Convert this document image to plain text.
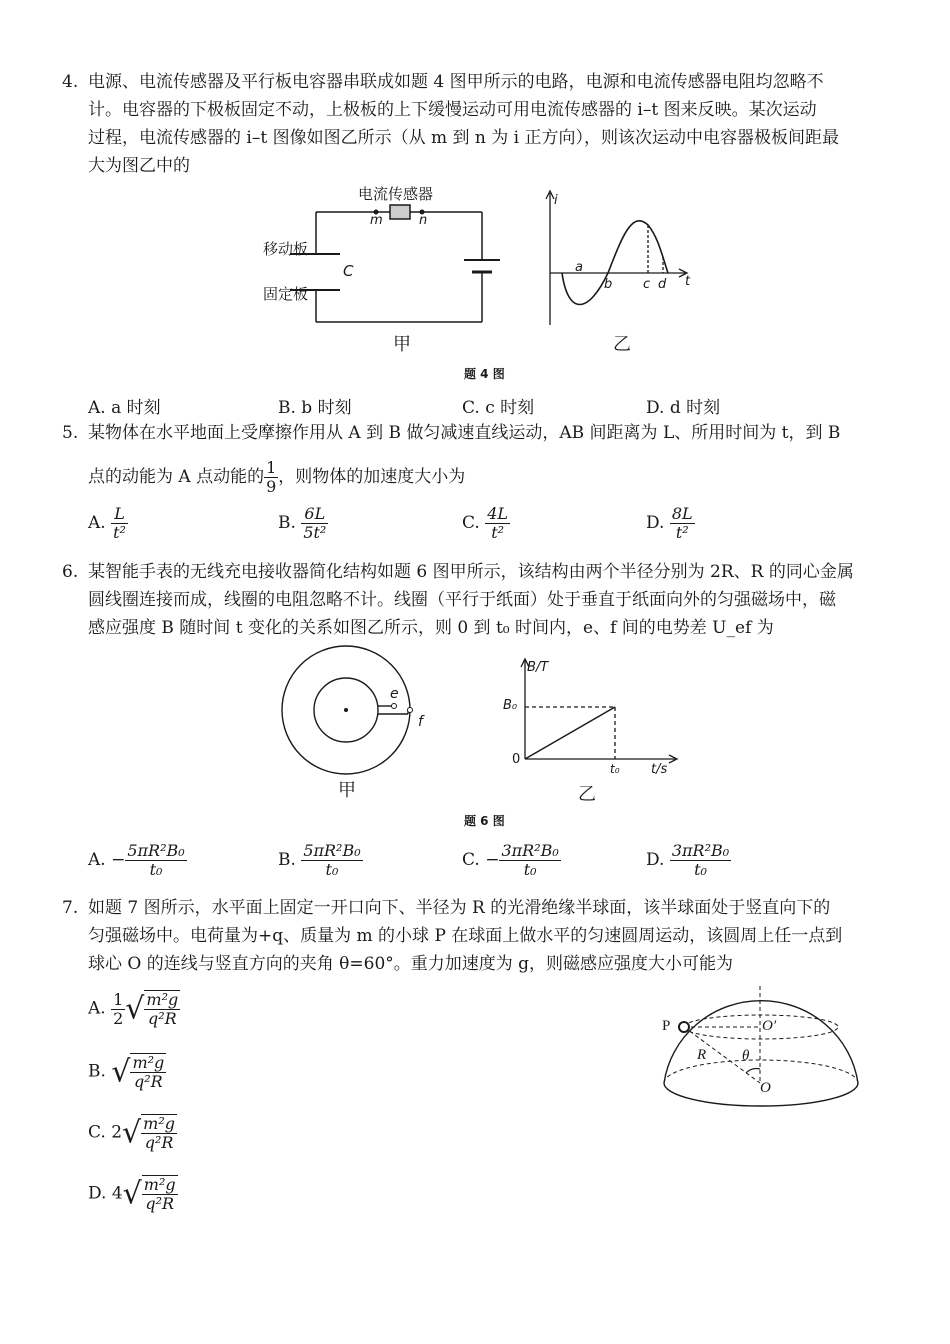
4. 电源、电流传感器及平行板电容器串联成如题 4 图甲所示的电路，电源和电流传感器电阻均忽略不
计。电容器的下极板固定不动，上极板的上下缓慢运动可用电流传感器的 i–t 图来反映。某次运动
过程，电流传感器的 i–t 图像如图乙所示（从 m 到 n 为 i 正方向），则该次运动中电容器极板间距最
大为图乙中的
电流传感器
m	n
移动板
固定板
C
甲
i
t
a
b c d
乙
题 4 图
A. a 时刻	B. b 时刻	C. c 时刻	D. d 时刻
5. 某物体在水平地面上受摩擦作用从 A 到 B 做匀减速直线运动，AB 间距离为 L、所用时间为 t，到 B
点的动能为 A 点动能的 $\frac{1}{9}$ ，则物体的加速度大小为
A. $\frac{L}{\text{t²}}$	B. $\frac{6L}{\text{5t²}}$	C. $\frac{4L}{\text{t²}}$	D. $\frac{8L}{\text{t²}}$
6. 某智能手表的无线充电接收器简化结构如题 6 图甲所示，该结构由两个半径分别为 2R、R 的同心金属
圆线圈连接而成，线圈的电阻忽略不计。线圈（平行于纸面）处于垂直于纸面向外的匀强磁场中，磁
感应强度 B 随时间 t 变化的关系如图乙所示，则 0 到 t₀ 时间内，e、f 间的电势差 U_ef 为
e
f
甲
B/T
B₀
0
t₀ t/s
乙
题 6 图
A. − $\frac{\text{5πR²B₀}}{\text{t₀}}$	B. $\frac{\text{5πR²B₀}}{\text{t₀}}$	C. − $\frac{\text{3πR²B₀}}{\text{t₀}}$	D. $\frac{\text{3πR²B₀}}{\text{t₀}}$
7. 如题 7 图所示，水平面上固定一开口向下、半径为 R 的光滑绝缘半球面，该半球面处于竖直向下的
匀强磁场中。电荷量为+q、质量为 m 的小球 P 在球面上做水平的匀速圆周运动，该圆周上任一点到
球心 O 的连线与竖直方向的夹角 θ=60°。重力加速度为 g，则磁感应强度大小可能为
A. $\frac{1}{2}$ √ $\frac{\text{m²g}}{\text{q²R}}$
B. √ $\frac{\text{m²g}}{\text{q²R}}$
C. $2√ \frac{\text{m²g}}{\text{q²R}}$
D. $4√ \frac{\text{m²g}}{\text{q²R}}$
P	O′
R θ
O
